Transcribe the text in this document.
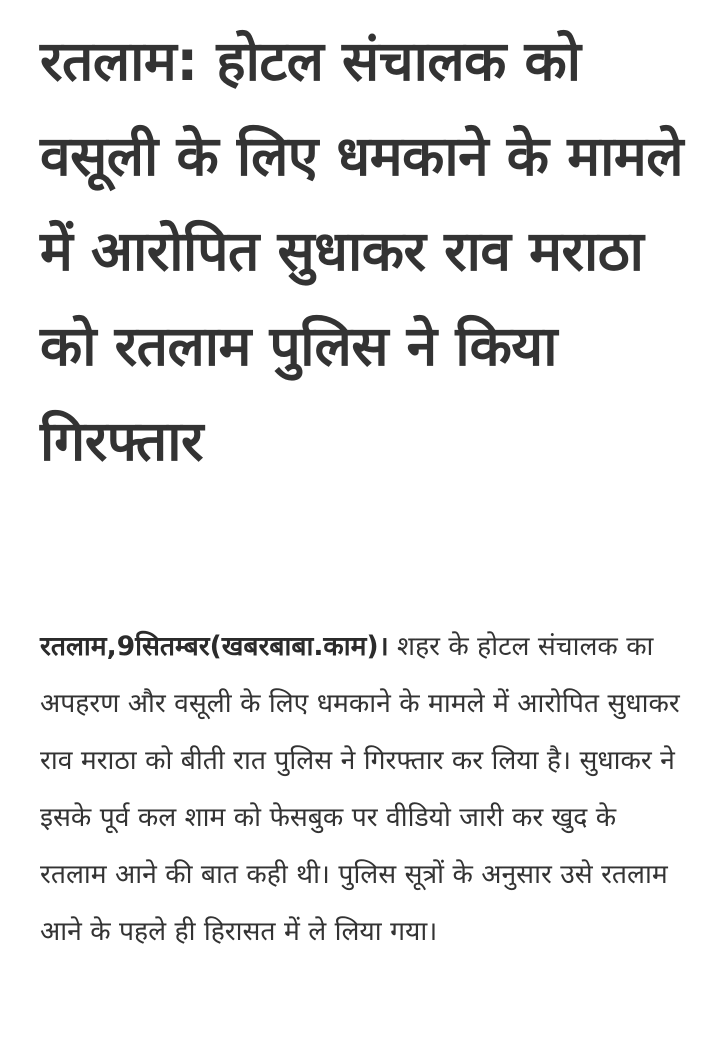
रतलाम: होटल संचालक को वसूली के लिए धमकाने के मामले में आरोपित सुधाकर राव मराठा को रतलाम पुलिस ने किया गिरफ्तार

रतलाम,9सितम्बर(खबरबाबा.काम)। शहर के होटल संचालक का अपहरण और वसूली के लिए धमकाने के मामले में आरोपित सुधाकर राव मराठा को बीती रात पुलिस ने गिरफ्तार कर लिया है। सुधाकर ने इसके पूर्व कल शाम को फेसबुक पर वीडियो जारी कर खुद के रतलाम आने की बात कही थी। पुलिस सूत्रों के अनुसार उसे रतलाम आने के पहले ही हिरासत में ले लिया गया।
